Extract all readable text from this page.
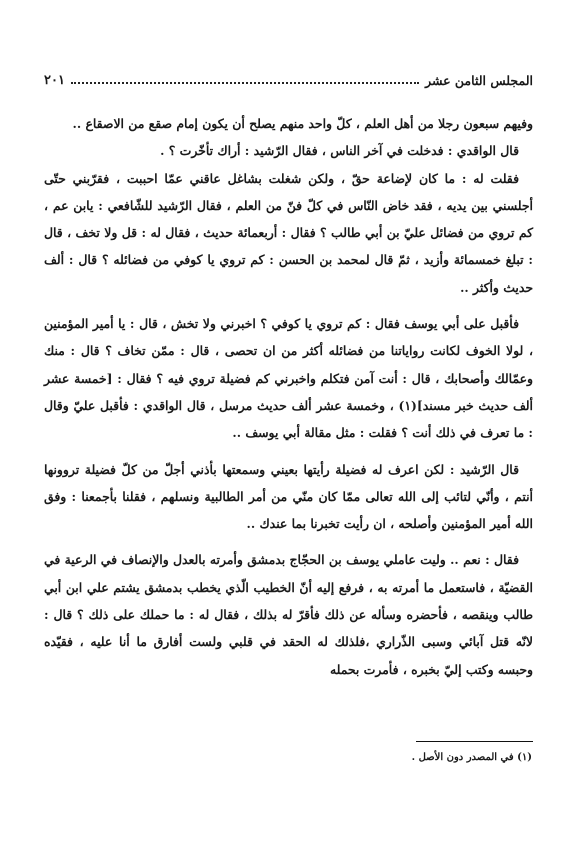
المجلس الثامن عشر
٢٠١

وفيهم سبعون رجلا من أهل العلم ، كلّ واحد منهم يصلح أن يكون إمام صقع من الاصقاع ..

قال الواقدي : فدخلت في آخر الناس ، فقال الرّشيد : أراك تأخّرت ؟ .

فقلت له : ما كان لإضاعة حقّ ، ولكن شغلت بشاغل عاقني عمّا احببت ، فقرّبني حتّى أجلسني بين يديه ، فقد خاض النّاس في كلّ فنّ من العلم ، فقال الرّشيد للشّافعي : يابن عم ، كم تروي من فضائل عليّ بن أبي طالب ؟ فقال : أربعمائة حديث ، فقال له : قل ولا تخف ، قال : تبلغ خمسمائة وأزيد ، ثمّ قال لمحمد بن الحسن : كم تروي يا كوفي من فضائله ؟ قال : ألف حديث وأكثر ..

فأقبل على أبي يوسف فقال : كم تروي يا كوفي ؟ اخبرني ولا تخش ، قال : يا أمير المؤمنين ، لولا الخوف لكانت رواياتنا من فضائله أكثر من ان تحصى ، قال : ممّن تخاف ؟ قال : منك وعمّالك وأصحابك ، قال : أنت آمن فتكلم واخبرني كم فضيلة تروي فيه ؟ فقال : [خمسة عشر ألف حديث خبر مسند](١) ، وخمسة عشر ألف حديث مرسل ، قال الواقدي : فأقبل عليّ وقال : ما تعرف في ذلك أنت ؟ فقلت : مثل مقالة أبي يوسف ..

قال الرّشيد : لكن اعرف له فضيلة رأيتها بعيني وسمعتها بأذني أجلّ من كلّ فضيلة تروونها أنتم ، وأنّي لتائب إلى الله تعالى ممّا كان منّي من أمر الطالبية ونسلهم ، فقلنا بأجمعنا : وفق الله أمير المؤمنين وأصلحه ، ان رأيت تخبرنا بما عندك ..

فقال : نعم .. وليت عاملي يوسف بن الحجّاج بدمشق وأمرته بالعدل والإنصاف في الرعية في القضيّة ، فاستعمل ما أمرته به ، فرفع إليه أنّ الخطيب الّذي يخطب بدمشق يشتم علي ابن أبي طالب وينقصه ، فأحضره وسأله عن ذلك فأقرّ له بذلك ، فقال له : ما حملك على ذلك ؟ قال : لانّه قتل آبائي وسبى الذّراري ،فلذلك له الحقد في قلبي ولست أفارق ما أنا عليه ، فقيّده وحبسه وكتب إليّ بخبره ، فأمرت بحمله

(١) في المصدر دون الأصل .
